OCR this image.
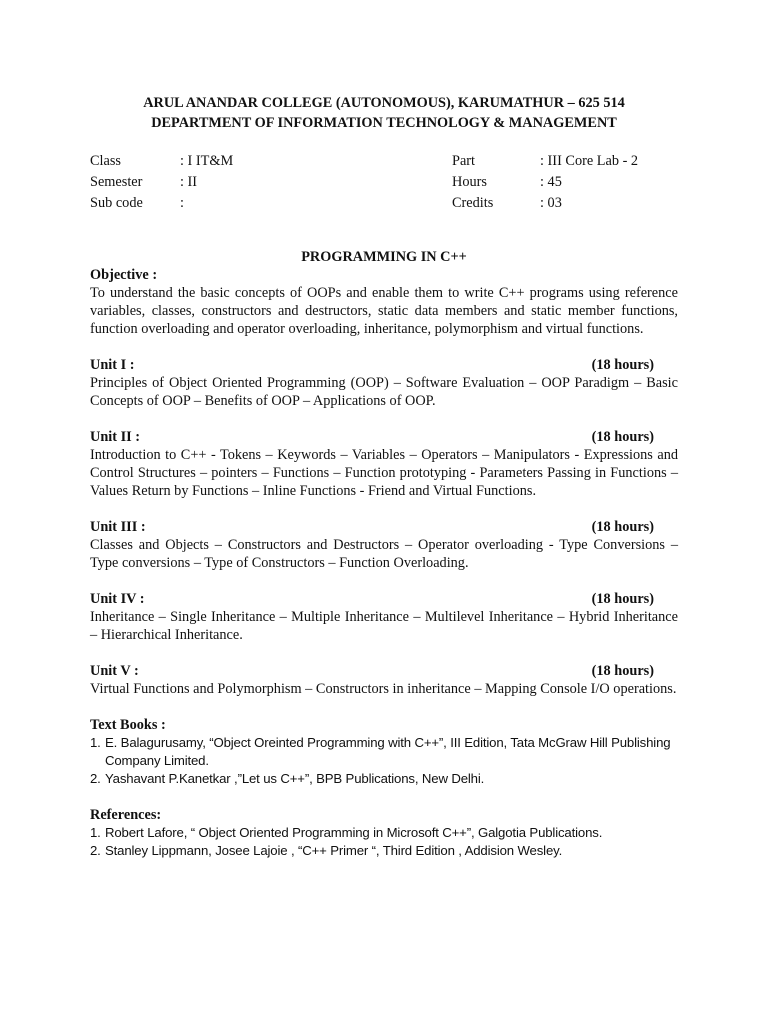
ARUL ANANDAR COLLEGE (AUTONOMOUS), KARUMATHUR – 625 514
DEPARTMENT OF INFORMATION TECHNOLOGY & MANAGEMENT
Class	: I IT&M	Part	: III Core Lab - 2
Semester	: II	Hours	: 45
Sub code	:	Credits	: 03
PROGRAMMING IN C++
Objective :
To understand the basic concepts of OOPs and enable them to write C++ programs using reference variables, classes, constructors and destructors, static data members and static member functions, function overloading and operator overloading, inheritance, polymorphism and virtual functions.
Unit I :	(18 hours)
Principles of Object Oriented Programming (OOP) – Software Evaluation – OOP Paradigm – Basic Concepts of OOP – Benefits of OOP – Applications of OOP.
Unit II :	(18 hours)
Introduction to C++ - Tokens – Keywords – Variables – Operators – Manipulators - Expressions and Control Structures – pointers – Functions – Function prototyping - Parameters Passing in Functions – Values Return by Functions – Inline Functions - Friend and Virtual Functions.
Unit III :	(18 hours)
Classes and Objects – Constructors and Destructors – Operator overloading - Type Conversions – Type conversions – Type of Constructors – Function Overloading.
Unit IV :	(18 hours)
Inheritance – Single Inheritance – Multiple Inheritance – Multilevel Inheritance – Hybrid Inheritance – Hierarchical Inheritance.
Unit V :	(18 hours)
Virtual Functions and Polymorphism – Constructors in inheritance – Mapping Console I/O operations.
Text Books :
1. E. Balagurusamy, “Object Oreinted Programming with C++”, III Edition, Tata McGraw Hill Publishing Company Limited.
2. Yashavant P.Kanetkar ,”Let us C++”, BPB Publications, New Delhi.
References:
1. Robert Lafore, “ Object Oriented Programming in Microsoft C++”, Galgotia Publications.
2. Stanley Lippmann, Josee Lajoie , “C++ Primer “, Third Edition , Addision Wesley.
